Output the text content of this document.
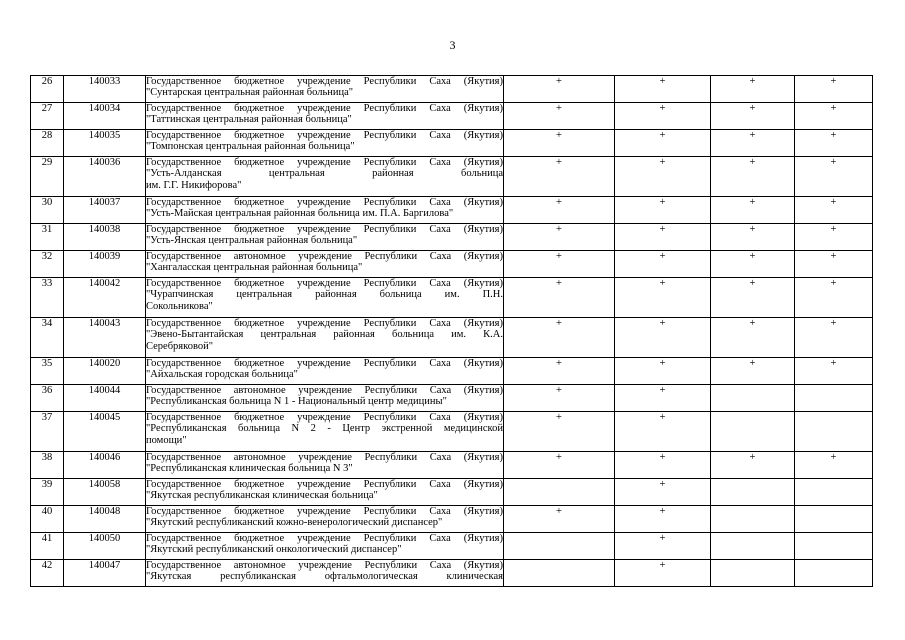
3
26	140033	Государственное бюджетное учреждение Республики Саха (Якутия)
"Сунтарская центральная районная больница"	+	+	+	+
27	140034	Государственное бюджетное учреждение Республики Саха (Якутия)
"Таттинская центральная районная больница"	+	+	+	+
28	140035	Государственное бюджетное учреждение Республики Саха (Якутия)
"Томпонская центральная районная больница"	+	+	+	+
29	140036	Государственное бюджетное учреждение Республики Саха (Якутия)
"Усть-Алданская центральная районная больница
им. Г.Г. Никифорова"	+	+	+	+
30	140037	Государственное бюджетное учреждение Республики Саха (Якутия)
"Усть-Майская центральная районная больница им. П.А. Баргилова"	+	+	+	+
31	140038	Государственное бюджетное учреждение Республики Саха (Якутия)
"Усть-Янская центральная районная больница"	+	+	+	+
32	140039	Государственное автономное учреждение Республики Саха (Якутия)
"Хангаласская центральная районная больница"	+	+	+	+
33	140042	Государственное бюджетное учреждение Республики Саха (Якутия)
"Чурапчинская центральная районная больница им. П.Н.
Сокольникова"	+	+	+	+
34	140043	Государственное бюджетное учреждение Республики Саха (Якутия)
"Эвено-Бытантайская центральная районная больница им. К.А.
Серебряковой"	+	+	+	+
35	140020	Государственное бюджетное учреждение Республики Саха (Якутия)
"Айхальская городская больница"	+	+	+	+
36	140044	Государственное автономное учреждение Республики Саха (Якутия)
"Республиканская больница N 1 - Национальный центр медицины"	+	+		
37	140045	Государственное бюджетное учреждение Республики Саха (Якутия)
"Республиканская больница N 2 - Центр экстренной медицинской
помощи"	+	+		
38	140046	Государственное автономное учреждение Республики Саха (Якутия)
"Республиканская клиническая больница N 3"	+	+	+	+
39	140058	Государственное бюджетное учреждение Республики Саха (Якутия)
"Якутская республиканская клиническая больница"		+		
40	140048	Государственное бюджетное учреждение Республики Саха (Якутия)
"Якутский республиканский кожно-венерологический диспансер"	+	+		
41	140050	Государственное бюджетное учреждение Республики Саха (Якутия)
"Якутский республиканский онкологический диспансер"		+		
42	140047	Государственное автономное учреждение Республики Саха (Якутия)
"Якутская республиканская офтальмологическая клиническая		+		
